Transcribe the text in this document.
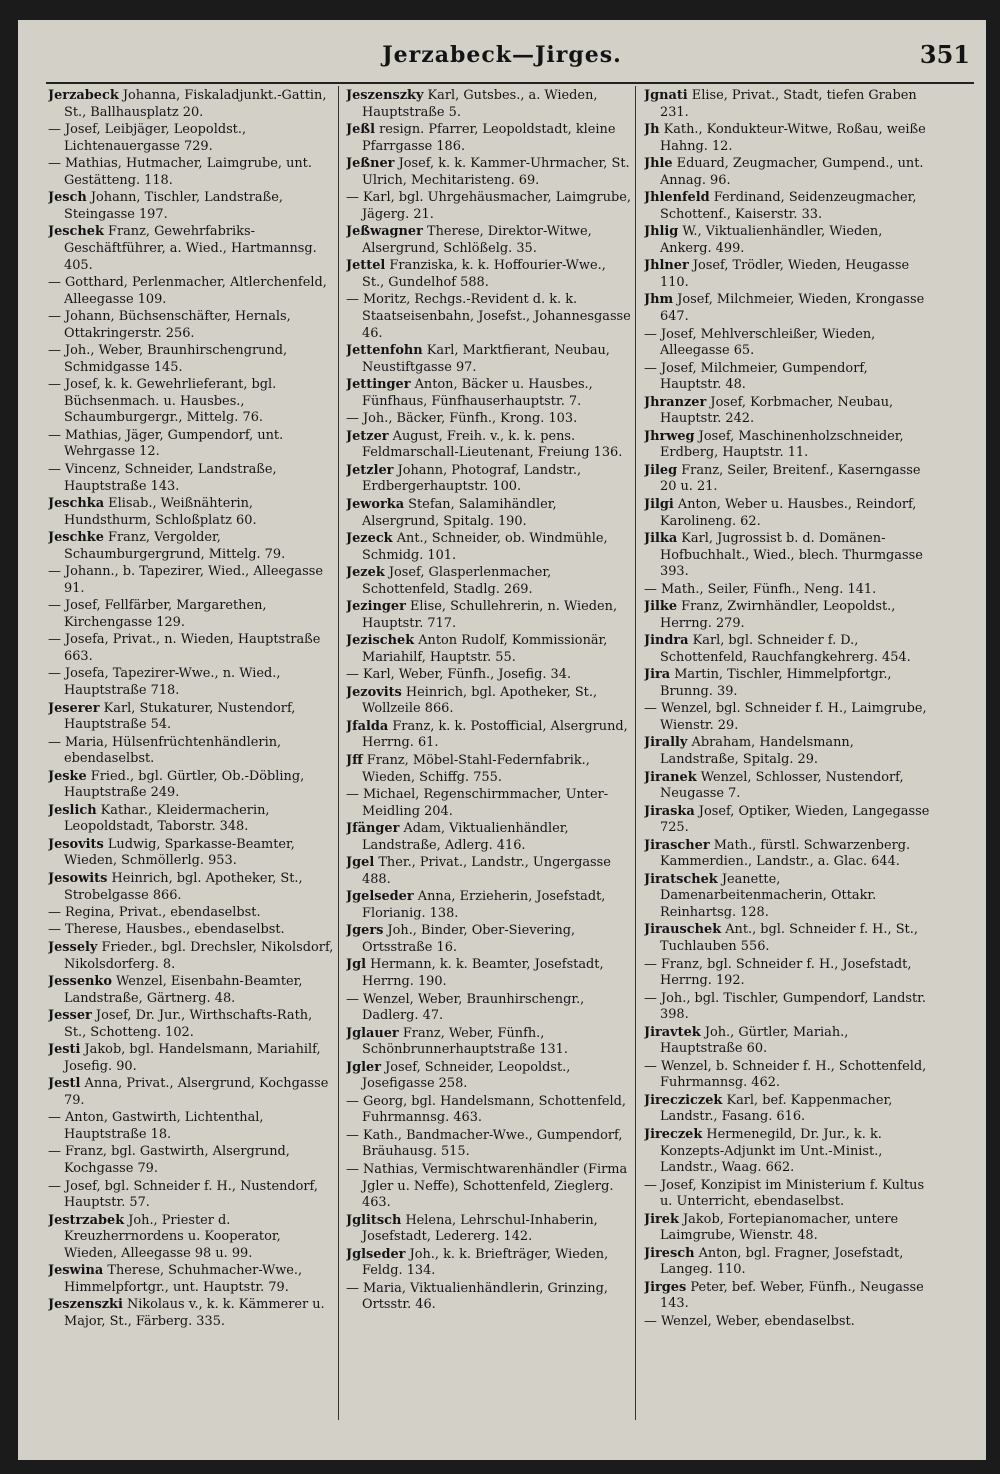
Jerzabeck—Jirges.	351
Jerzabeck Johanna, Fiskaladjunkt.-Gattin, St., Ballhausplatz 20.
— Josef, Leibjäger, Leopoldst., Lichtenauergasse 729.
— Mathias, Hutmacher, Laimgrube, unt. Gestätteng. 118.
Jesch Johann, Tischler, Landstraße, Steingasse 197.
Jeschek Franz, Gewehrfabriks-Geschäftführer, a. Wied., Hartmannsg. 405.
— Gotthard, Perlenmacher, Altlerchenfeld, Alleegasse 109.
— Johann, Büchsenschäfter, Hernals, Ottakringerstr. 256.
— Joh., Weber, Braunhirschengrund, Schmidgasse 145.
— Josef, k. k. Gewehrlieferant, bgl. Büchsenmach. u. Hausbes., Schaumburgergr., Mittelg. 76.
— Mathias, Jäger, Gumpendorf, unt. Wehrgasse 12.
— Vincenz, Schneider, Landstraße, Hauptstraße 143.
Jeschka Elisab., Weißnähterin, Hundsthurm, Schloßplatz 60.
Jeschke Franz, Vergolder, Schaumburgergrund, Mittelg. 79.
— Johann., b. Tapezirer, Wied., Alleegasse 91.
— Josef, Fellfärber, Margarethen, Kirchengasse 129.
— Josefa, Privat., n. Wieden, Hauptstraße 663.
— Josefa, Tapezirer-Wwe., n. Wied., Hauptstraße 718.
Jeserer Karl, Stukaturer, Nustendorf, Hauptstraße 54.
— Maria, Hülsenfrüchtenhändlerin, ebendaselbst.
Jeske Fried., bgl. Gürtler, Ob.-Döbling, Hauptstraße 249.
Jeslich Kathar., Kleidermacherin, Leopoldstadt, Taborstr. 348.
Jesovits Ludwig, Sparkasse-Beamter, Wieden, Schmöllerlg. 953.
Jesowits Heinrich, bgl. Apotheker, St., Strobelgasse 866.
— Regina, Privat., ebendaselbst.
— Therese, Hausbes., ebendaselbst.
Jessely Frieder., bgl. Drechsler, Nikolsdorf, Nikolsdorferg. 8.
Jessenko Wenzel, Eisenbahn-Beamter, Landstraße, Gärtnerg. 48.
Jesser Josef, Dr. Jur., Wirthschafts-Rath, St., Schotteng. 102.
Jesti Jakob, bgl. Handelsmann, Mariahilf, Josefig. 90.
Jestl Anna, Privat., Alsergrund, Kochgasse 79.
— Anton, Gastwirth, Lichtenthal, Hauptstraße 18.
— Franz, bgl. Gastwirth, Alsergrund, Kochgasse 79.
— Josef, bgl. Schneider f. H., Nustendorf, Hauptstr. 57.
Jestrzabek Joh., Priester d. Kreuzherrnordens u. Kooperator, Wieden, Alleegasse 98 u. 99.
Jeswina Therese, Schuhmacher-Wwe., Himmelpfortgr., unt. Hauptstr. 79.
Jeszenszki Nikolaus v., k. k. Kämmerer u. Major, St., Färberg. 335.
Jeszenszky Karl, Gutsbes., a. Wieden, Hauptstraße 5.
Jeßl resign. Pfarrer, Leopoldstadt, kleine Pfarrgasse 186.
Jeßner Josef, k. k. Kammer-Uhrmacher, St. Ulrich, Mechitaristeng. 69.
— Karl, bgl. Uhrgehäusmacher, Laimgrube, Jägerg. 21.
Jeßwagner Therese, Direktor-Witwe, Alsergrund, Schlößelg. 35.
Jettel Franziska, k. k. Hoffourier-Wwe., St., Gundelhof 588.
— Moritz, Rechgs.-Revident d. k. k. Staatseisenbahn, Josefst., Johannesgasse 46.
Jettenfohn Karl, Marktfierant, Neubau, Neustiftgasse 97.
Jettinger Anton, Bäcker u. Hausbes., Fünfhaus, Fünfhauserhauptstr. 7.
— Joh., Bäcker, Fünfh., Krong. 103.
Jetzer August, Freih. v., k. k. pens. Feldmarschall-Lieutenant, Freiung 136.
Jetzler Johann, Photograf, Landstr., Erdbergerhauptstr. 100.
Jeworka Stefan, Salamihändler, Alsergrund, Spitalg. 190.
Jezeck Ant., Schneider, ob. Windmühle, Schmidg. 101.
Jezek Josef, Glasperlenmacher, Schottenfeld, Stadlg. 269.
Jezinger Elise, Schullehrerin, n. Wieden, Hauptstr. 717.
Jezischek Anton Rudolf, Kommissionär, Mariahilf, Hauptstr. 55.
— Karl, Weber, Fünfh., Josefig. 34.
Jezovits Heinrich, bgl. Apotheker, St., Wollzeile 866.
Jfalda Franz, k. k. Postofficial, Alsergrund, Herrng. 61.
Jff Franz, Möbel-Stahl-Federnfabrik., Wieden, Schiffg. 755.
— Michael, Regenschirmmacher, Unter-Meidling 204.
Jfänger Adam, Viktualienhändler, Landstraße, Adlerg. 416.
Jgel Ther., Privat., Landstr., Ungergasse 488.
Jgelseder Anna, Erzieherin, Josefstadt, Florianig. 138.
Jgers Joh., Binder, Ober-Sievering, Ortsstraße 16.
Jgl Hermann, k. k. Beamter, Josefstadt, Herrng. 190.
— Wenzel, Weber, Braunhirschengr., Dadlerg. 47.
Jglauer Franz, Weber, Fünfh., Schönbrunnerhauptstraße 131.
Jgler Josef, Schneider, Leopoldst., Josefigasse 258.
— Georg, bgl. Handelsmann, Schottenfeld, Fuhrmannsg. 463.
— Kath., Bandmacher-Wwe., Gumpendorf, Bräuhausg. 515.
— Nathias, Vermischtwarenhändler (Firma Jgler u. Neffe), Schottenfeld, Zieglerg. 463.
Jglitsch Helena, Lehrschul-Inhaberin, Josefstadt, Ledererg. 142.
Jglseder Joh., k. k. Briefträger, Wieden, Feldg. 134.
— Maria, Viktualienhändlerin, Grinzing, Ortsstr. 46.
Jgnati Elise, Privat., Stadt, tiefen Graben 231.
Jh Kath., Kondukteur-Witwe, Roßau, weiße Hahng. 12.
Jhle Eduard, Zeugmacher, Gumpend., unt. Annag. 96.
Jhlenfeld Ferdinand, Seidenzeugmacher, Schottenf., Kaiserstr. 33.
Jhlig W., Viktualienhändler, Wieden, Ankerg. 499.
Jhlner Josef, Trödler, Wieden, Heugasse 110.
Jhm Josef, Milchmeier, Wieden, Krongasse 647.
— Josef, Mehlverschleißer, Wieden, Alleegasse 65.
— Josef, Milchmeier, Gumpendorf, Hauptstr. 48.
Jhranzer Josef, Korbmacher, Neubau, Hauptstr. 242.
Jhrweg Josef, Maschinenholzschneider, Erdberg, Hauptstr. 11.
Jileg Franz, Seiler, Breitenf., Kaserngasse 20 u. 21.
Jilgi Anton, Weber u. Hausbes., Reindorf, Karolineng. 62.
Jilka Karl, Jugrossist b. d. Domänen-Hofbuchhalt., Wied., blech. Thurmgasse 393.
— Math., Seiler, Fünfh., Neng. 141.
Jilke Franz, Zwirnhändler, Leopoldst., Herrng. 279.
Jindra Karl, bgl. Schneider f. D., Schottenfeld, Rauchfangkehrerg. 454.
Jira Martin, Tischler, Himmelpfortgr., Brunng. 39.
— Wenzel, bgl. Schneider f. H., Laimgrube, Wienstr. 29.
Jirally Abraham, Handelsmann, Landstraße, Spitalg. 29.
Jiranek Wenzel, Schlosser, Nustendorf, Neugasse 7.
Jiraska Josef, Optiker, Wieden, Langegasse 725.
Jirascher Math., fürstl. Schwarzenberg. Kammerdien., Landstr., a. Glac. 644.
Jiratschek Jeanette, Damenarbeitenmacherin, Ottakr. Reinhartsg. 128.
Jirauschek Ant., bgl. Schneider f. H., St., Tuchlauben 556.
— Franz, bgl. Schneider f. H., Josefstadt, Herrng. 192.
— Joh., bgl. Tischler, Gumpendorf, Landstr. 398.
Jiravtek Joh., Gürtler, Mariah., Hauptstraße 60.
— Wenzel, b. Schneider f. H., Schottenfeld, Fuhrmannsg. 462.
Jirecziczek Karl, bef. Kappenmacher, Landstr., Fasang. 616.
Jireczek Hermenegild, Dr. Jur., k. k. Konzepts-Adjunkt im Unt.-Minist., Landstr., Waag. 662.
— Josef, Konzipist im Ministerium f. Kultus u. Unterricht, ebendaselbst.
Jirek Jakob, Fortepianomacher, untere Laimgrube, Wienstr. 48.
Jiresch Anton, bgl. Fragner, Josefstadt, Langeg. 110.
Jirges Peter, bef. Weber, Fünfh., Neugasse 143.
— Wenzel, Weber, ebendaselbst.
